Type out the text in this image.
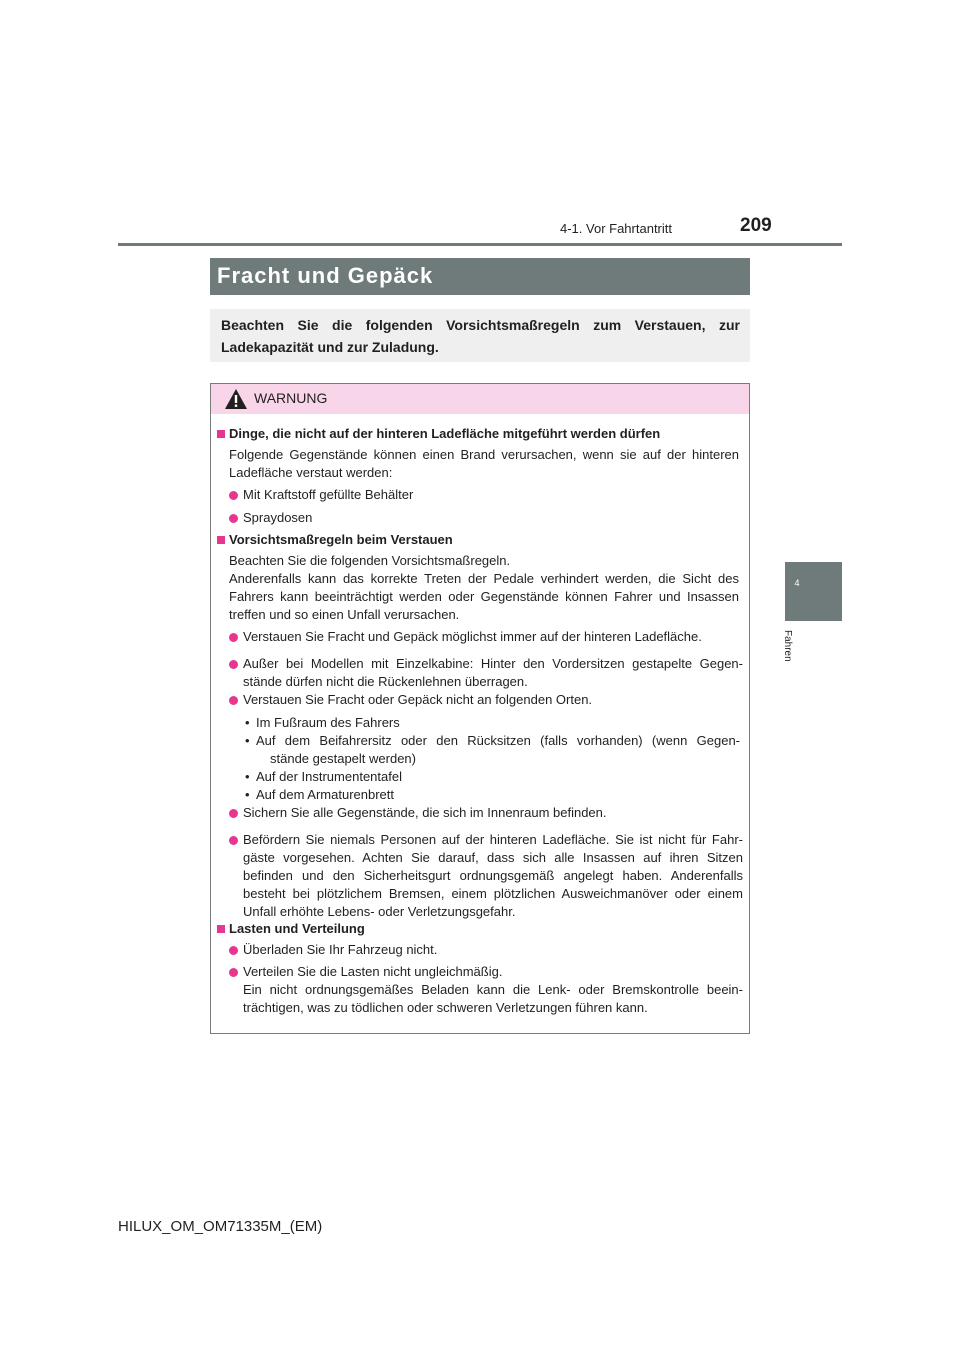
4-1. Vor Fahrtantritt	209
4
Fahren
Fracht und Gepäck
Beachten Sie die folgenden Vorsichtsmaßregeln zum Verstauen, zur Ladekapazität und zur Zuladung.
WARNUNG
Dinge, die nicht auf der hinteren Ladefläche mitgeführt werden dürfen
Folgende Gegenstände können einen Brand verursachen, wenn sie auf der hinteren
Ladefläche verstaut werden:
Mit Kraftstoff gefüllte Behälter
Spraydosen
Vorsichtsmaßregeln beim Verstauen
Beachten Sie die folgenden Vorsichtsmaßregeln.
Anderenfalls kann das korrekte Treten der Pedale verhindert werden, die Sicht des
Fahrers kann beeinträchtigt werden oder Gegenstände können Fahrer und Insassen
treffen und so einen Unfall verursachen.
Verstauen Sie Fracht und Gepäck möglichst immer auf der hinteren Ladefläche.
Außer bei Modellen mit Einzelkabine: Hinter den Vordersitzen gestapelte Gegen-
stände dürfen nicht die Rückenlehnen überragen.
Verstauen Sie Fracht oder Gepäck nicht an folgenden Orten.
• Im Fußraum des Fahrers
• Auf dem Beifahrersitz oder den Rücksitzen (falls vorhanden) (wenn Gegen-
stände gestapelt werden)
• Auf der Instrumententafel
• Auf dem Armaturenbrett
Sichern Sie alle Gegenstände, die sich im Innenraum befinden.
Befördern Sie niemals Personen auf der hinteren Ladefläche. Sie ist nicht für Fahr-
gäste vorgesehen. Achten Sie darauf, dass sich alle Insassen auf ihren Sitzen
befinden und den Sicherheitsgurt ordnungsgemäß angelegt haben. Anderenfalls
besteht bei plötzlichem Bremsen, einem plötzlichen Ausweichmanöver oder einem
Unfall erhöhte Lebens- oder Verletzungsgefahr.
Lasten und Verteilung
Überladen Sie Ihr Fahrzeug nicht.
Verteilen Sie die Lasten nicht ungleichmäßig.
Ein nicht ordnungsgemäßes Beladen kann die Lenk- oder Bremskontrolle beein-
trächtigen, was zu tödlichen oder schweren Verletzungen führen kann.
HILUX_OM_OM71335M_(EM)
